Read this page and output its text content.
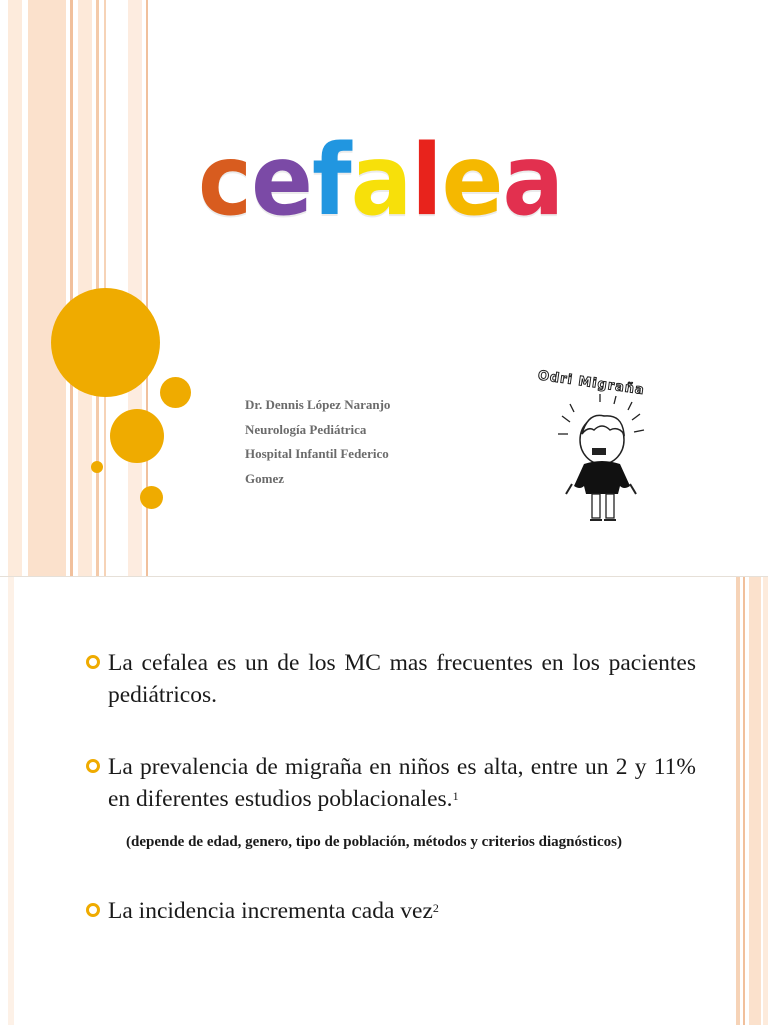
cefalea
Dr. Dennis López Naranjo
Neurología Pediátrica
Hospital Infantil Federico
Gomez
Odri Migraña
La cefalea es un de los MC mas frecuentes en los pacientes pediátricos.
La prevalencia de migraña en niños es alta, entre un 2 y 11% en diferentes estudios poblacionales.$^1$
(depende de edad, genero, tipo de población, métodos y criterios diagnósticos)
La incidencia incrementa cada vez$^2$
